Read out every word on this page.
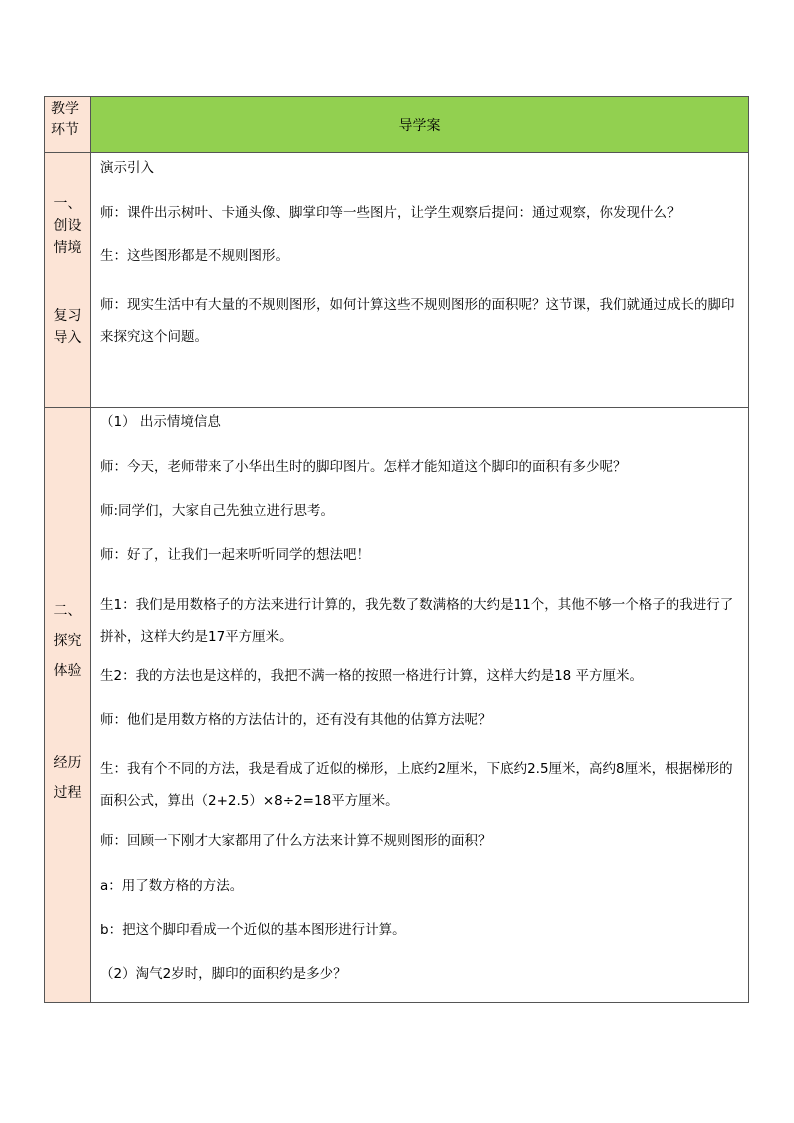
教学环节	导学案
一、创设情境
复习导入
二、探究体验
经历过程

演示引入

师：课件出示树叶、卡通头像、脚掌印等一些图片，让学生观察后提问：通过观察，你发现什么？

生：这些图形都是不规则图形。

师：现实生活中有大量的不规则图形，如何计算这些不规则图形的面积呢？这节课，我们就通过成长的脚印来探究这个问题。

（1） 出示情境信息

师：今天，老师带来了小华出生时的脚印图片。怎样才能知道这个脚印的面积有多少呢？

师:同学们，大家自己先独立进行思考。

师：好了，让我们一起来听听同学的想法吧！

生1：我们是用数格子的方法来进行计算的，我先数了数满格的大约是11个，其他不够一个格子的我进行了拼补，这样大约是17平方厘米。

生2：我的方法也是这样的，我把不满一格的按照一格进行计算，这样大约是18 平方厘米。

师：他们是用数方格的方法估计的，还有没有其他的估算方法呢？

生：我有个不同的方法，我是看成了近似的梯形，上底约2厘米，下底约2.5厘米，高约8厘米，根据梯形的面积公式，算出（2+2.5）×8÷2=18平方厘米。

师：回顾一下刚才大家都用了什么方法来计算不规则图形的面积？

a：用了数方格的方法。

b：把这个脚印看成一个近似的基本图形进行计算。

（2）淘气2岁时，脚印的面积约是多少？
